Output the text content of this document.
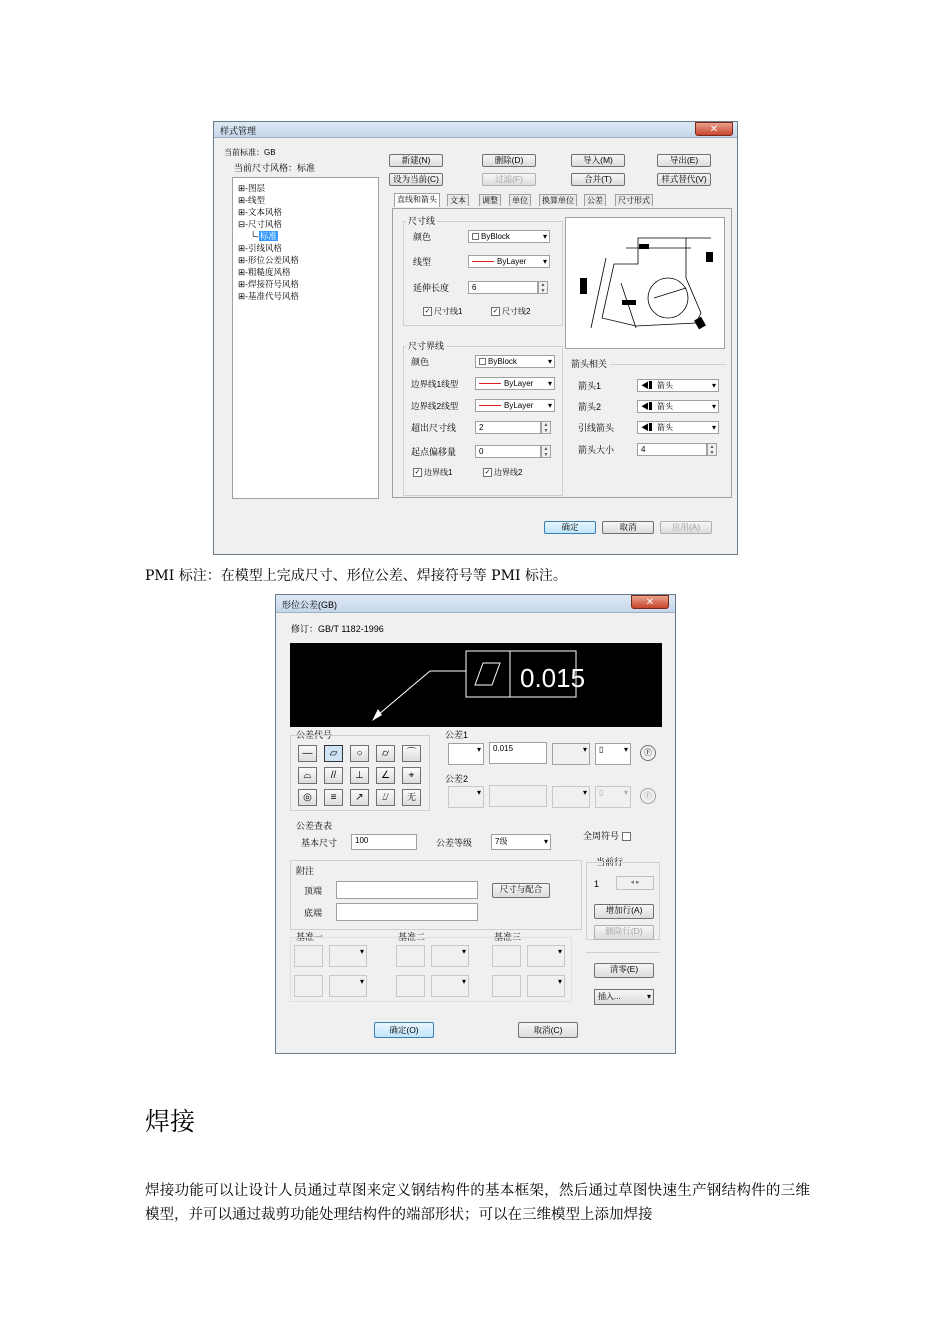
样式管理	✕
当前标准：GB
当前尺寸风格：标准
⊞-图层
⊞-线型
⊞-文本风格
⊟-尺寸风格
└-标准
⊞-引线风格
⊞-形位公差风格
⊞-粗糙度风格
⊞-焊接符号风格
⊞-基准代号风格
新建(N)	删除(D)	导入(M)	导出(E)
设为当前(C)	过滤(F)	合并(T)	样式替代(V)
直线和箭头	文本	调整	单位	换算单位	公差	尺寸形式
尺寸线
颜色	ByBlock ▾
线型	ByLayer ▾
延伸长度	6	▲
▼
✓ 尺寸线1	✓ 尺寸线2
尺寸界线
颜色	ByBlock ▾
边界线1线型	ByLayer ▾
边界线2线型	ByLayer ▾
超出尺寸线	2	▲
▼
起点偏移量	0	▲
▼
✓ 边界线1	✓ 边界线2
箭头相关
箭头1	◀▍箭头 ▾
箭头2	◀▍箭头 ▾
引线箭头	◀▍箭头 ▾
箭头大小	4	▲
▼
确定	取消	应用(A)
PMI 标注：在模型上完成尺寸、形位公差、焊接符号等 PMI 标注。
形位公差(GB)	✕
修订：GB/T 1182-1996
0.015
公差代号	公差1
▾
0.015
▾	▯ ▾	Ⓕ
公差2
▾
▾
▯ ▾	Ⓕ
公差查表
基本尺寸	100	公差等级	7级 ▾
全周符号
附注
顶端	尺寸与配合
底端
当前行
1	◂ ▸
增加行(A)
删除行(D)
基准一	基准二	基准三
▾
▾
▾
▾
▾
▾
清零(E)
插入... ▾
确定(O)	取消(C)
—	▱	○	⌭	⌒
⌓	//	⊥	∠	⌖
◎	≡	↗	⌰	无
焊接
焊接功能可以让设计人员通过草图来定义钢结构件的基本框架，然后通过草图快速生产钢结构件的三维模型，并可以通过裁剪功能处理结构件的端部形状；可以在三维模型上添加焊接
